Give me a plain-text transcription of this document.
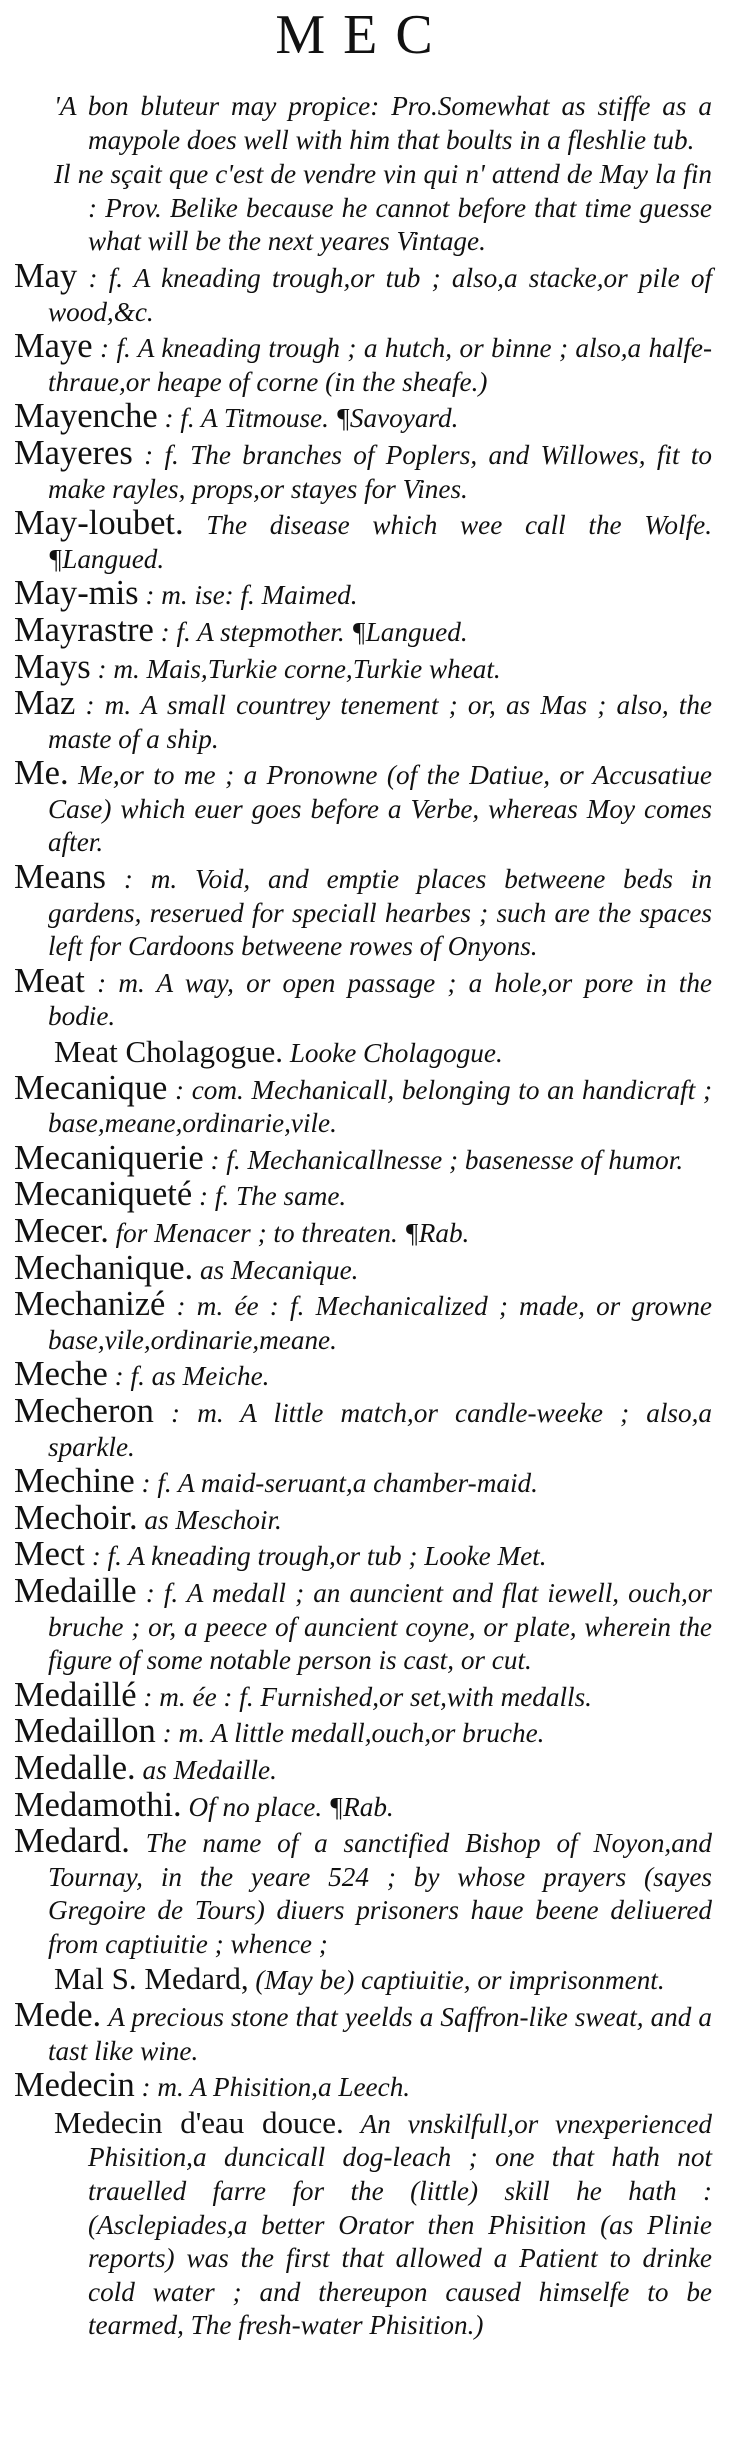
MEC
'A bon bluteur may propice: Pro.Somewhat as stiffe as a maypole does well with him that boults in a fleshlie tub.
Il ne sçait que c'est de vendre vin qui n' attend de May la fin : Prov. Belike because he cannot before that time guesse what will be the next yeares Vintage.
May : f. A kneading trough,or tub ; also,a stacke,or pile of wood,&c.
Maye : f. A kneading trough ; a hutch, or binne ; also,a halfe-thraue,or heape of corne (in the sheafe.)
Mayenche : f. A Titmouse. ¶Savoyard.
Mayeres : f. The branches of Poplers, and Willowes, fit to make rayles, props,or stayes for Vines.
May-loubet. The disease which wee call the Wolfe. ¶Langued.
May-mis : m. ise: f. Maimed.
Mayrastre : f. A stepmother. ¶Langued.
Mays : m. Mais,Turkie corne,Turkie wheat.
Maz : m. A small countrey tenement ; or, as Mas ; also, the maste of a ship.
Me. Me,or to me ; a Pronowne (of the Datiue, or Accusatiue Case) which euer goes before a Verbe, whereas Moy comes after.
Means : m. Void, and emptie places betweene beds in gardens, reserued for speciall hearbes ; such are the spaces left for Cardoons betweene rowes of Onyons.
Meat : m. A way, or open passage ; a hole,or pore in the bodie.
Meat Cholagogue. Looke Cholagogue.
Mecanique : com. Mechanicall, belonging to an handicraft ; base,meane,ordinarie,vile.
Mecaniquerie : f. Mechanicallnesse ; basenesse of humor.
Mecaniqueté : f. The same.
Mecer. for Menacer ; to threaten. ¶Rab.
Mechanique. as Mecanique.
Mechanizé : m. ée : f. Mechanicalized ; made, or growne base,vile,ordinarie,meane.
Meche : f. as Meiche.
Mecheron : m. A little match,or candle-weeke ; also,a sparkle.
Mechine : f. A maid-seruant,a chamber-maid.
Mechoir. as Meschoir.
Mect : f. A kneading trough,or tub ; Looke Met.
Medaille : f. A medall ; an auncient and flat iewell, ouch,or bruche ; or, a peece of auncient coyne, or plate, wherein the figure of some notable person is cast, or cut.
Medaillé : m. ée : f. Furnished,or set,with medalls.
Medaillon : m. A little medall,ouch,or bruche.
Medalle. as Medaille.
Medamothi. Of no place. ¶Rab.
Medard. The name of a sanctified Bishop of Noyon,and Tournay, in the yeare 524 ; by whose prayers (sayes Gregoire de Tours) diuers prisoners haue beene deliuered from captiuitie ; whence ;
Mal S. Medard, (May be) captiuitie, or imprisonment.
Mede. A precious stone that yeelds a Saffron-like sweat, and a tast like wine.
Medecin : m. A Phisition,a Leech.
Medecin d'eau douce. An vnskilfull,or vnexperienced Phisition,a duncicall dog-leach ; one that hath not trauelled farre for the (little) skill he hath : (Asclepiades,a better Orator then Phisition (as Plinie reports) was the first that allowed a Patient to drinke cold water ; and thereupon caused himselfe to be tearmed, The fresh-water Phisition.)
